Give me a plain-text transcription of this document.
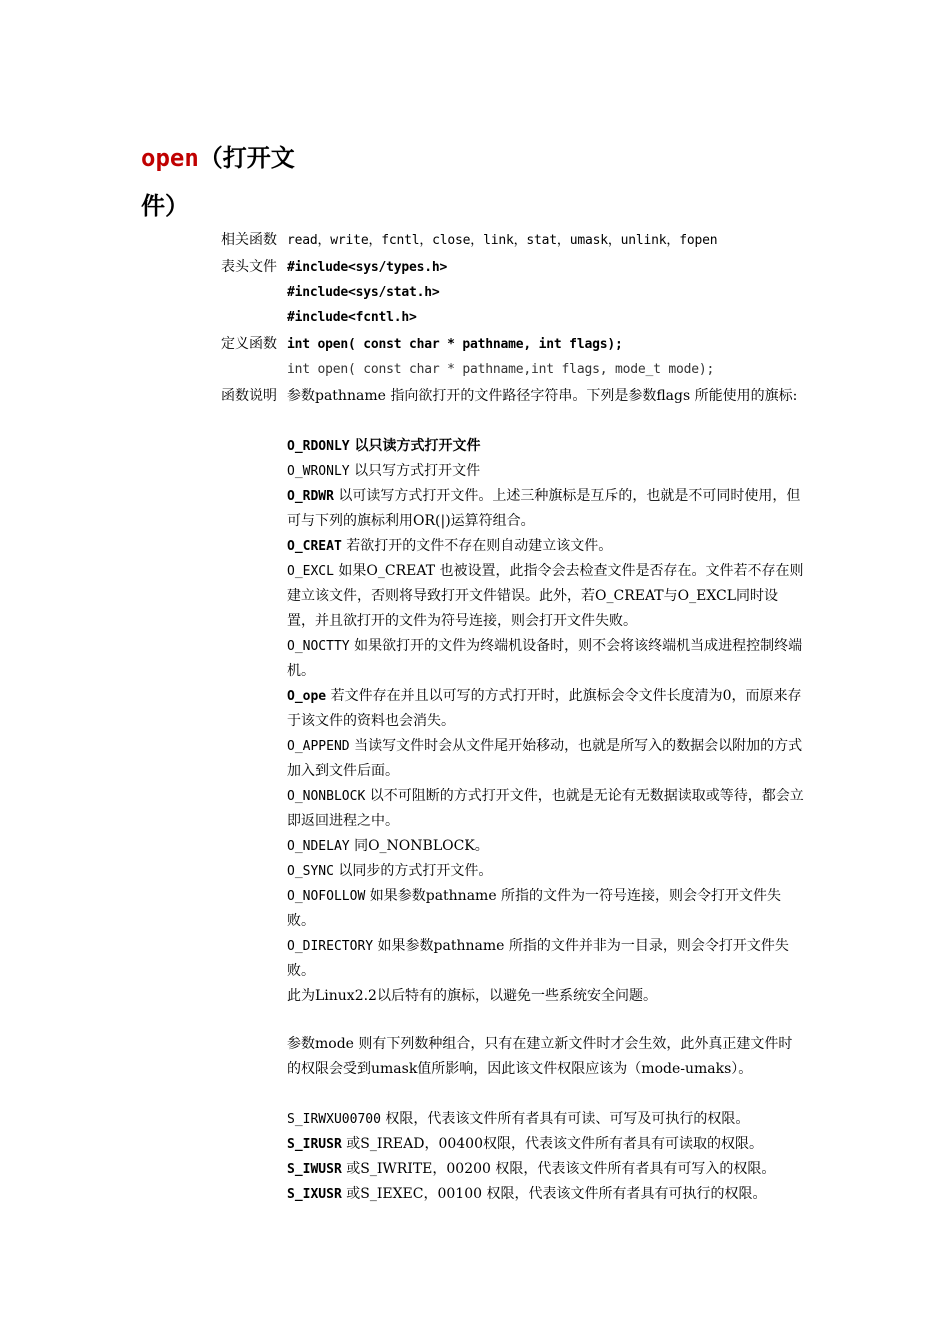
open（打开文
件）
相关函数 read，write，fcntl，close，link，stat，umask，unlink，fopen
表头文件 #include<sys/types.h>
#include<sys/stat.h>
#include<fcntl.h>
定义函数 int open( const char * pathname, int flags);
int open( const char * pathname,int flags, mode_t mode);
函数说明 参数pathname 指向欲打开的文件路径字符串。下列是参数flags 所能使用的旗标:
O_RDONLY 以只读方式打开文件
O_WRONLY 以只写方式打开文件
O_RDWR 以可读写方式打开文件。上述三种旗标是互斥的，也就是不可同时使用，但可与下列的旗标利用OR(|)运算符组合。
O_CREAT 若欲打开的文件不存在则自动建立该文件。
O_EXCL 如果O_CREAT 也被设置，此指令会去检查文件是否存在。文件若不存在则建立该文件，否则将导致打开文件错误。此外，若O_CREAT与O_EXCL同时设置，并且欲打开的文件为符号连接，则会打开文件失败。
O_NOCTTY 如果欲打开的文件为终端机设备时，则不会将该终端机当成进程控制终端机。
O_ope 若文件存在并且以可写的方式打开时，此旗标会令文件长度清为0，而原来存于该文件的资料也会消失。
O_APPEND 当读写文件时会从文件尾开始移动，也就是所写入的数据会以附加的方式加入到文件后面。
O_NONBLOCK 以不可阻断的方式打开文件，也就是无论有无数据读取或等待，都会立即返回进程之中。
O_NDELAY 同O_NONBLOCK。
O_SYNC 以同步的方式打开文件。
O_NOFOLLOW 如果参数pathname 所指的文件为一符号连接，则会令打开文件失败。
O_DIRECTORY 如果参数pathname 所指的文件并非为一目录，则会令打开文件失败。
此为Linux2.2以后特有的旗标，以避免一些系统安全问题。
参数mode 则有下列数种组合，只有在建立新文件时才会生效，此外真正建文件时的权限会受到umask值所影响，因此该文件权限应该为（mode-umaks）。
S_IRWXU00700 权限，代表该文件所有者具有可读、可写及可执行的权限。
S_IRUSR 或S_IREAD，00400权限，代表该文件所有者具有可读取的权限。
S_IWUSR 或S_IWRITE，00200 权限，代表该文件所有者具有可写入的权限。
S_IXUSR 或S_IEXEC，00100 权限，代表该文件所有者具有可执行的权限。
